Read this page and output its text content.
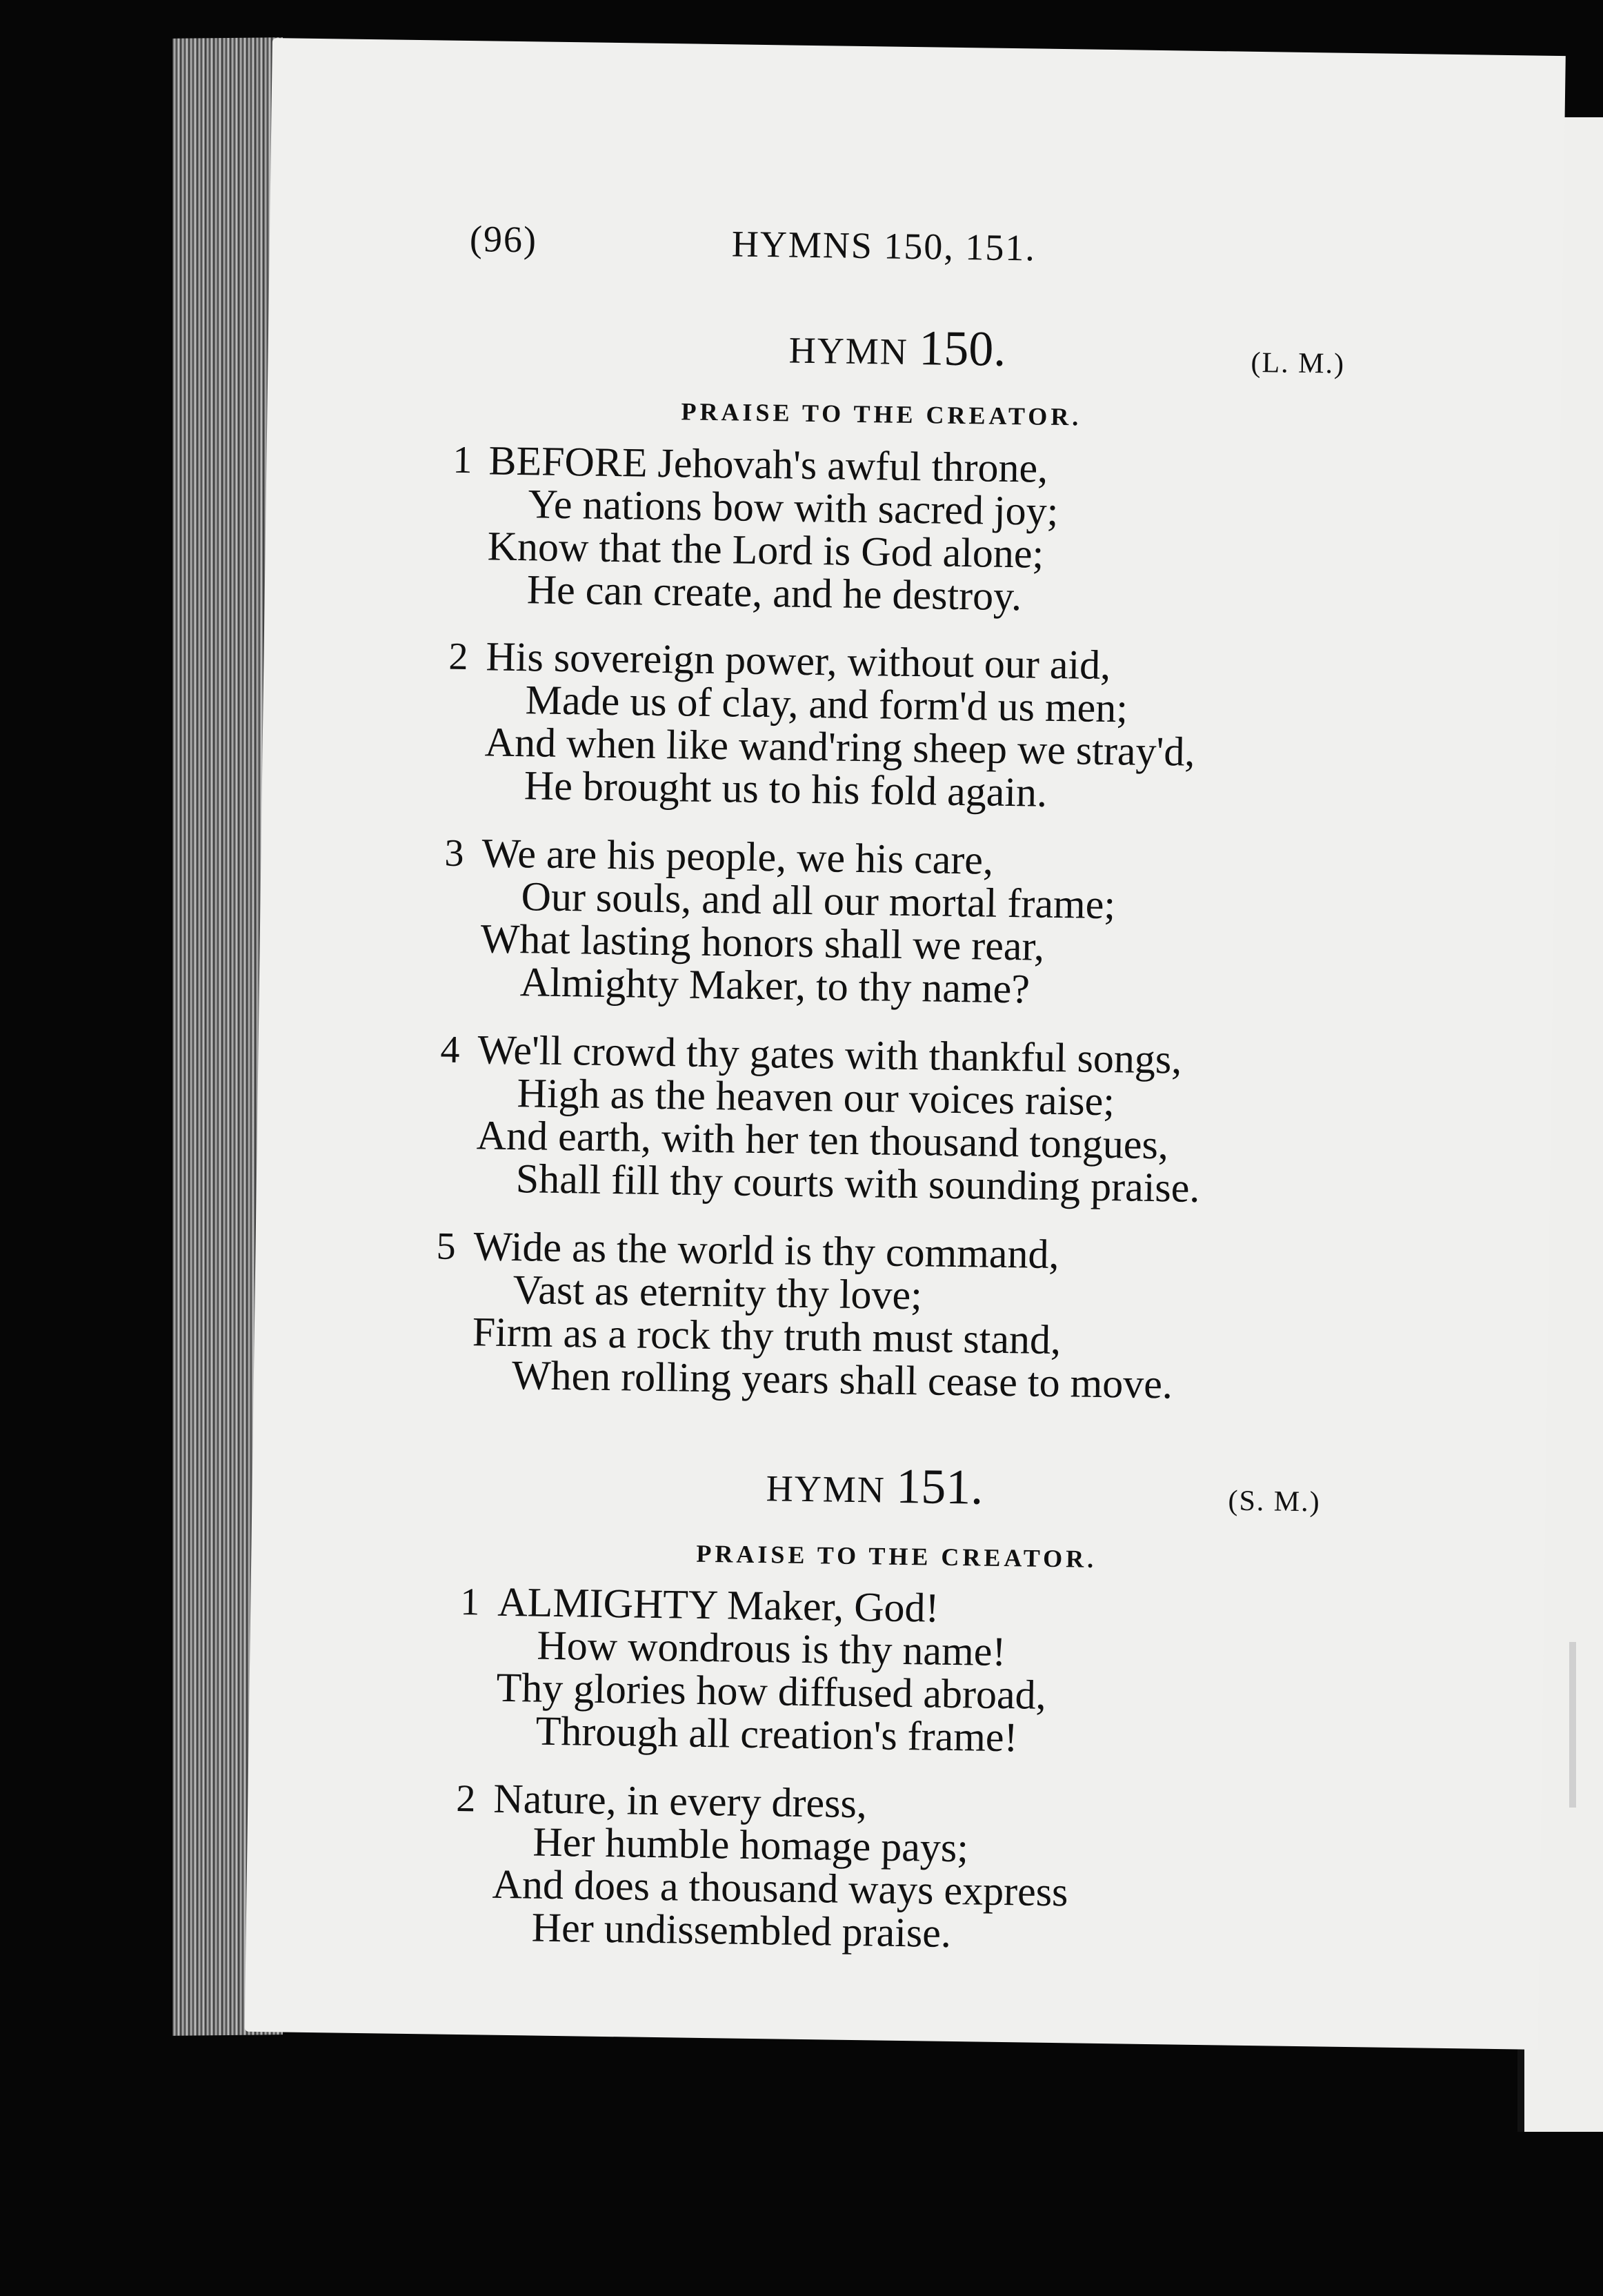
(96)	HYMNS 150, 151.
HYMN 150.	(L. M.)
PRAISE TO THE CREATOR.
1 BEFORE Jehovah's awful throne,
Ye nations bow with sacred joy;
Know that the Lord is God alone;
He can create, and he destroy.
2 His sovereign power, without our aid,
Made us of clay, and form'd us men;
And when like wand'ring sheep we stray'd,
He brought us to his fold again.
3 We are his people, we his care,
Our souls, and all our mortal frame;
What lasting honors shall we rear,
Almighty Maker, to thy name?
4 We'll crowd thy gates with thankful songs,
High as the heaven our voices raise;
And earth, with her ten thousand tongues,
Shall fill thy courts with sounding praise.
5 Wide as the world is thy command,
Vast as eternity thy love;
Firm as a rock thy truth must stand,
When rolling years shall cease to move.
HYMN 151.	(S. M.)
PRAISE TO THE CREATOR.
1 ALMIGHTY Maker, God!
How wondrous is thy name!
Thy glories how diffused abroad,
Through all creation's frame!
2 Nature, in every dress,
Her humble homage pays;
And does a thousand ways express
Her undissembled praise.
